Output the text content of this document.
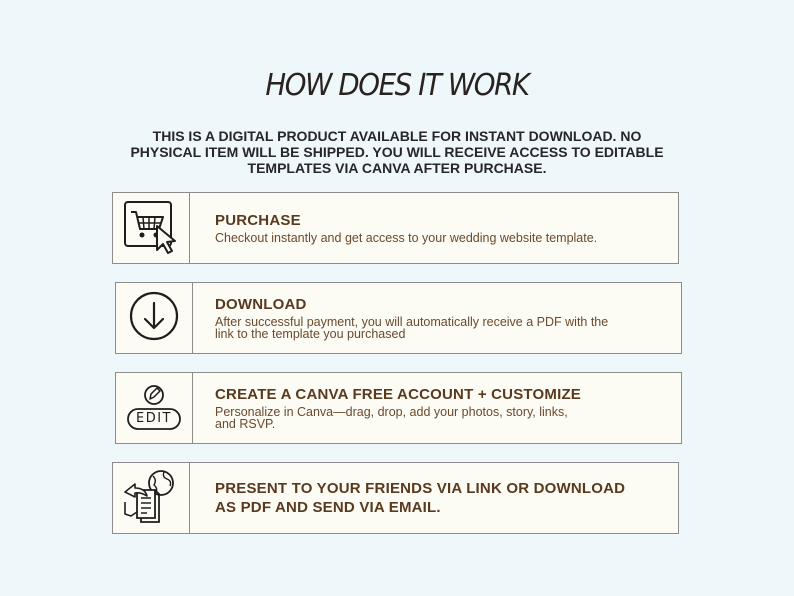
HOW DOES IT WORK
THIS IS A DIGITAL PRODUCT AVAILABLE FOR INSTANT DOWNLOAD. NO PHYSICAL ITEM WILL BE SHIPPED. YOU WILL RECEIVE ACCESS TO EDITABLE TEMPLATES VIA CANVA AFTER PURCHASE.
PURCHASE
Checkout instantly and get access to your wedding website template.
DOWNLOAD
After successful payment, you will automatically receive a PDF with the
link to the template you purchased
EDIT
CREATE A CANVA FREE ACCOUNT + CUSTOMIZE
Personalize in Canva—drag, drop, add your photos, story, links,
and RSVP.
PRESENT TO YOUR FRIENDS VIA LINK OR DOWNLOAD
AS PDF AND SEND VIA EMAIL.
